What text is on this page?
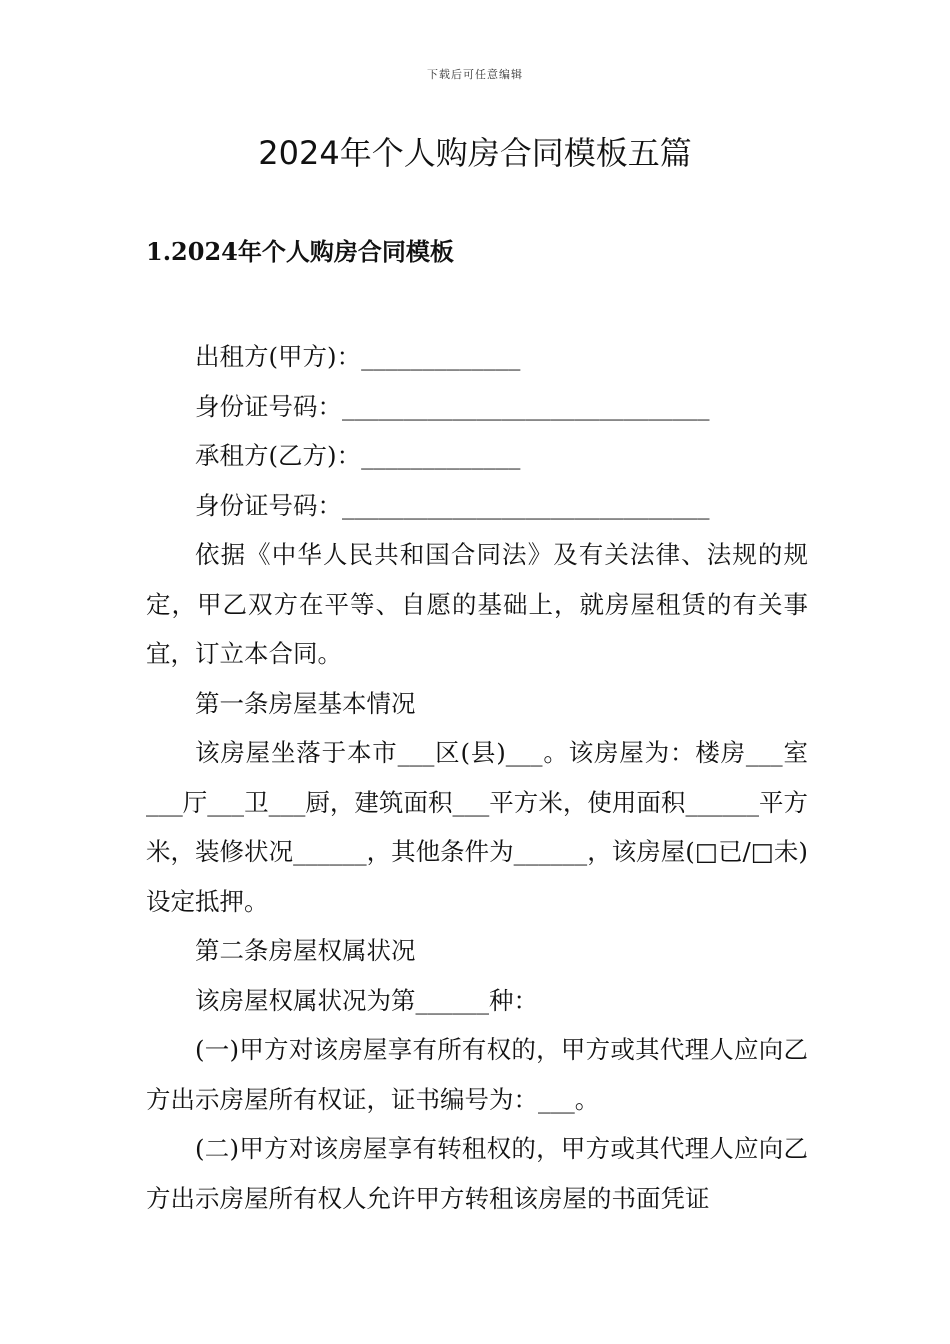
下载后可任意编辑
2024年个人购房合同模板五篇
1.2024年个人购房合同模板

出租方(甲方)：_____________

身份证号码：______________________________

承租方(乙方)：_____________

身份证号码：______________________________

依据《中华人民共和国合同法》及有关法律、法规的规定，甲乙双方在平等、自愿的基础上，就房屋租赁的有关事宜，订立本合同。

第一条房屋基本情况

该房屋坐落于本市___区(县)___。该房屋为：楼房___室___厅___卫___厨，建筑面积___平方米，使用面积______平方米，装修状况______，其他条件为______，该房屋(□已/□未)设定抵押。

第二条房屋权属状况

该房屋权属状况为第______种：

(一)甲方对该房屋享有所有权的，甲方或其代理人应向乙方出示房屋所有权证，证书编号为：___。

(二)甲方对该房屋享有转租权的，甲方或其代理人应向乙方出示房屋所有权人允许甲方转租该房屋的书面凭证
